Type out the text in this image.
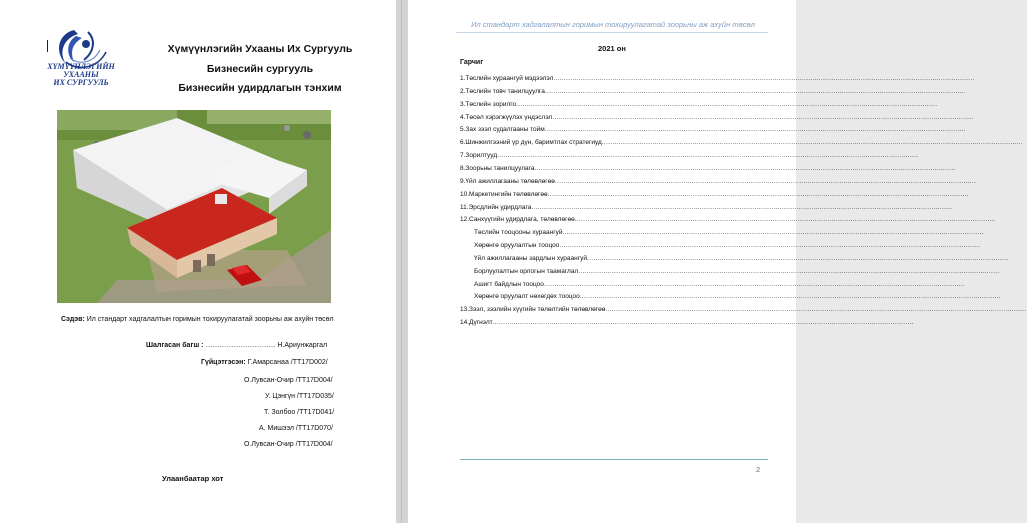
ХҮМҮҮНЛЭГИЙН
УХААНЫ
ИХ СУРГУУЛЬ
Хүмүүнлэгийн Ухааны Их Сургууль
Бизнесийн сургууль
Бизнесийн удирдлагын тэнхим
Сэдэв: Ил стандарт хадгалалтын горимын тохируулагатай зоорьны аж ахуйн төсөл
Шалгасан багш : ………………………… Н.Ариунжаргал
Гүйцэтгэсэн: Г.Амарсанаа /ТТ17D002/
О.Лувсан-Очир /ТТ17D004/
У. Цэнгүн /ТТ17D035/
Т. Золбоо /ТТ17D041/
А. Мишээл /ТТ17D070/
О.Лувсан-Очир /ТТ17D004/
Улаанбаатар хот
Ил стандарт хадгалалтын горимын тохируулагатай зоорьны аж ахуйн төсөл
2021 он
Гарчиг
1. Төслийн хураангуй мэдээлэл ........................................................................................................................................................................................................
2. Төслийн товч танилцуулга ........................................................................................................................................................................................................
3. Төслийн зорилго ........................................................................................................................................................................................................
4. Төсөл хэрэгжүүлэх үндэслэл ........................................................................................................................................................................................................
5. Зах зээл судалгааны тойм ........................................................................................................................................................................................................
6. Шинжилгээний үр дүн, баримтлах стратегиуд ........................................................................................................................................................................................................
7. Зорилтууд ........................................................................................................................................................................................................
8. Зоорьны танилцуулага ........................................................................................................................................................................................................
9. Үйл ажиллагааны төлөвлөгөө ........................................................................................................................................................................................................
10. Маркетингийн төлөвлөгөө ........................................................................................................................................................................................................
11. Эрсдлийн удирдлага ........................................................................................................................................................................................................
12. Санхүүгийн удирдлага, төлөвлөгөө ........................................................................................................................................................................................................
Төслийн тооцооны хураангуй ........................................................................................................................................................................................................
Хөрөнгө оруулалтын тооцоо ........................................................................................................................................................................................................
Үйл ажиллагааны зардлын хураангуй ........................................................................................................................................................................................................
Борлуулалтын орлогын таамаглал ........................................................................................................................................................................................................
Ашигт байдлын тооцоо ........................................................................................................................................................................................................
Хөрөнгө оруулалт нөхөгдөх тооцоо ........................................................................................................................................................................................................
13. Зээл, зээлийн хүүгийн төлөлтийн төлөвлөгөө ........................................................................................................................................................................................................
14. Дүгнэлт ........................................................................................................................................................................................................
2
